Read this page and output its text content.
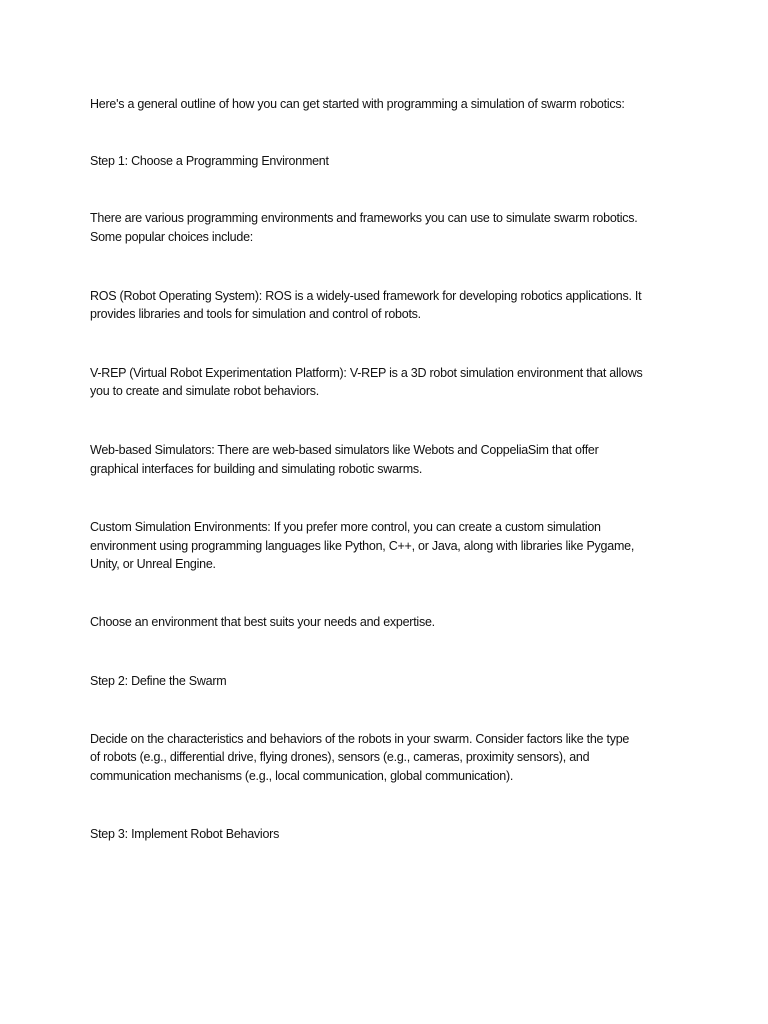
Here's a general outline of how you can get started with programming a simulation of swarm robotics:

Step 1: Choose a Programming Environment

There are various programming environments and frameworks you can use to simulate swarm robotics.

Some popular choices include:

ROS (Robot Operating System): ROS is a widely-used framework for developing robotics applications. It

provides libraries and tools for simulation and control of robots.

V-REP (Virtual Robot Experimentation Platform): V-REP is a 3D robot simulation environment that allows

you to create and simulate robot behaviors.

Web-based Simulators: There are web-based simulators like Webots and CoppeliaSim that offer

graphical interfaces for building and simulating robotic swarms.

Custom Simulation Environments: If you prefer more control, you can create a custom simulation

environment using programming languages like Python, C++, or Java, along with libraries like Pygame,

Unity, or Unreal Engine.

Choose an environment that best suits your needs and expertise.

Step 2: Define the Swarm

Decide on the characteristics and behaviors of the robots in your swarm. Consider factors like the type

of robots (e.g., differential drive, flying drones), sensors (e.g., cameras, proximity sensors), and

communication mechanisms (e.g., local communication, global communication).

Step 3: Implement Robot Behaviors
